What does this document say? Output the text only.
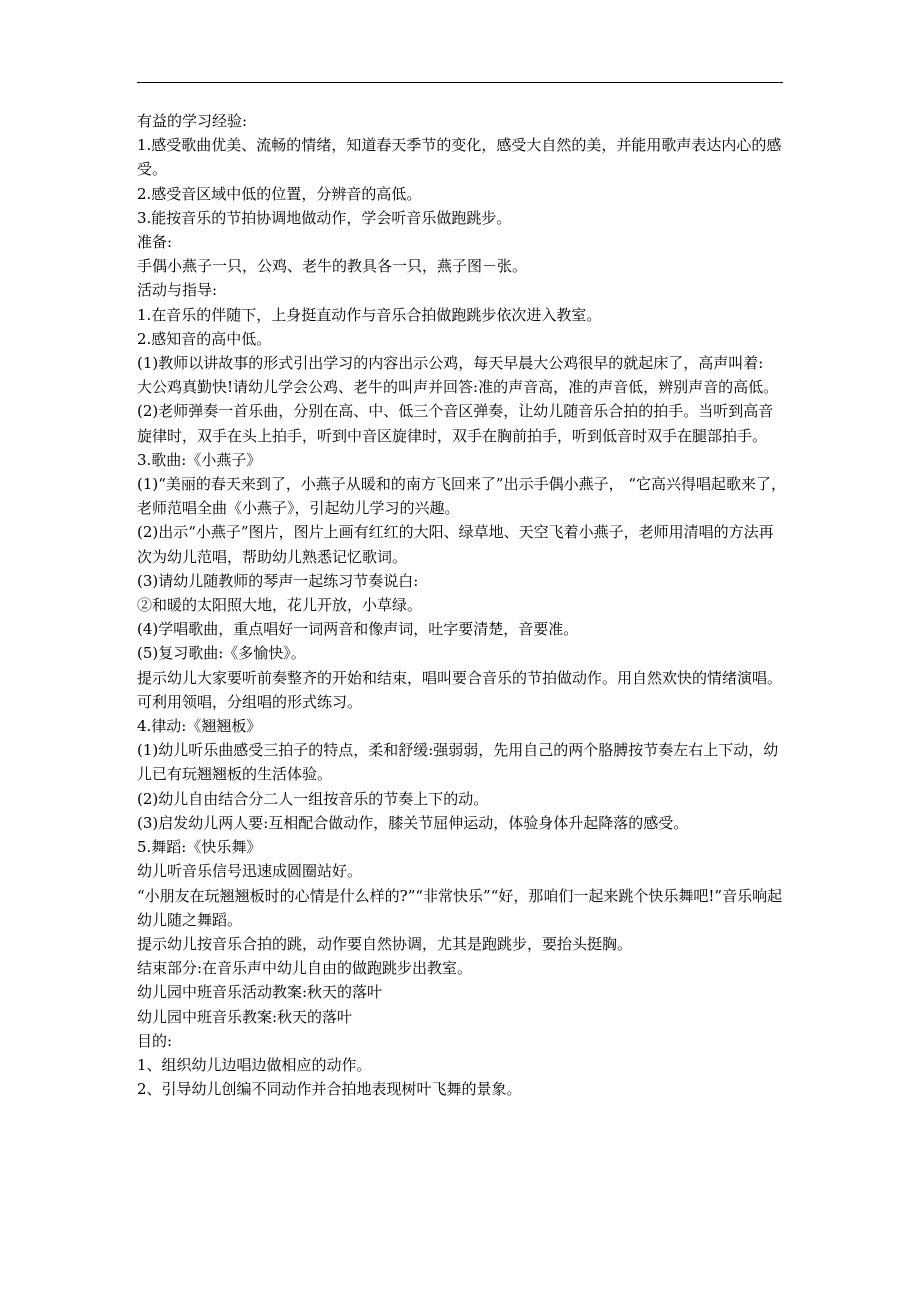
有益的学习经验:

1.感受歌曲优美、流畅的情绪，知道春天季节的变化，感受大自然的美，并能用歌声表达内心的感受。

2.感受音区域中低的位置，分辨音的高低。

3.能按音乐的节拍协调地做动作，学会听音乐做跑跳步。

准备:

手偶小燕子一只，公鸡、老牛的教具各一只，燕子图－张。

活动与指导:

1.在音乐的伴随下，上身挺直动作与音乐合拍做跑跳步依次进入教室。

2.感知音的高中低。

(1)教师以讲故事的形式引出学习的内容出示公鸡，每天早晨大公鸡很早的就起床了，高声叫着:

大公鸡真勤快!请幼儿学会公鸡、老牛的叫声并回答:准的声音高，准的声音低，辨别声音的高低。

(2)老师弹奏一首乐曲，分别在高、中、低三个音区弹奏，让幼儿随音乐合拍的拍手。当听到高音旋律时，双手在头上拍手，听到中音区旋律时，双手在胸前拍手，听到低音时双手在腿部拍手。

3.歌曲:《小燕子》

(1)“美丽的春天来到了，小燕子从暖和的南方飞回来了”出示手偶小燕子， “它高兴得唱起歌来了，老师范唱全曲《小燕子》，引起幼儿学习的兴趣。

(2)出示“小燕子”图片，图片上画有红红的大阳、绿草地、天空飞着小燕子，老师用清唱的方法再次为幼儿范唱，帮助幼儿熟悉记忆歌词。

(3)请幼儿随教师的琴声一起练习节奏说白:

②和暖的太阳照大地，花儿开放，小草绿。

(4)学唱歌曲，重点唱好一词两音和像声词，吐字要清楚，音要准。

(5)复习歌曲:《多愉快》。

提示幼儿大家要听前奏整齐的开始和结束，唱叫要合音乐的节拍做动作。用自然欢快的情绪演唱。可利用领唱，分组唱的形式练习。

4.律动:《翘翘板》

(1)幼儿听乐曲感受三拍子的特点，柔和舒缓:强弱弱，先用自己的两个胳膊按节奏左右上下动，幼儿已有玩翘翘板的生活体验。

(2)幼儿自由结合分二人一组按音乐的节奏上下的动。

(3)启发幼儿两人要:互相配合做动作，膝关节屈伸运动，体验身体升起降落的感受。

5.舞蹈:《快乐舞》

幼儿听音乐信号迅速成圆圈站好。

“小朋友在玩翘翘板时的心情是什么样的?”“非常快乐”“好，那咱们一起来跳个快乐舞吧!”音乐响起幼儿随之舞蹈。

提示幼儿按音乐合拍的跳，动作要自然协调，尤其是跑跳步，要抬头挺胸。

结束部分:在音乐声中幼儿自由的做跑跳步出教室。

幼儿园中班音乐活动教案:秋天的落叶

幼儿园中班音乐教案:秋天的落叶

目的:

1、组织幼儿边唱边做相应的动作。

2、引导幼儿创编不同动作并合拍地表现树叶飞舞的景象。
